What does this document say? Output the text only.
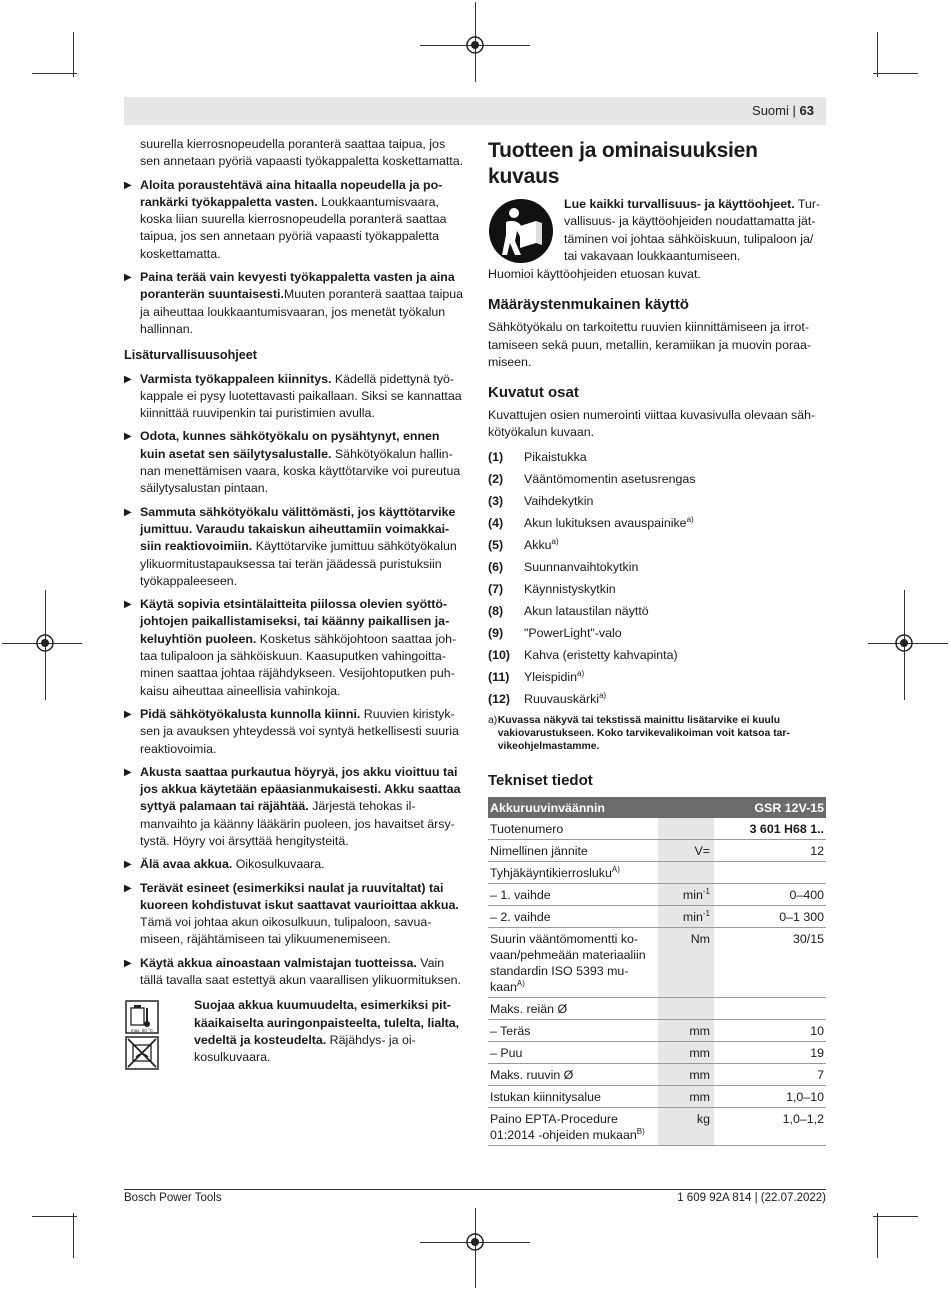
Suomi | 63

suurella kierrosnopeudella poranterä saattaa taipua, jos sen annetaan pyöriä vapaasti työkappaletta koskettamatta.

▶ Aloita poraustehtävä aina hitaalla nopeudella ja porankärki työkappaletta vasten. Loukkaantumisvaara, koska liian suurella kierrosnopeudella poranterä saattaa taipua, jos sen annetaan pyöriä vapaasti työkappaletta koskettamatta.

▶ Paina terää vain kevyesti työkappaletta vasten ja aina poranterän suuntaisesti.Muuten poranterä saattaa taipua ja aiheuttaa loukkaantumisvaaran, jos menetät työkalun hallinnan.

Lisäturvallisuusohjeet

▶ Varmista työkappaleen kiinnitys. Kädellä pidettynä työkappale ei pysy luotettavasti paikallaan. Siksi se kannattaa kiinnittää ruuvipenkin tai puristimien avulla.

▶ Odota, kunnes sähkötyökalu on pysähtynyt, ennen kuin asetat sen säilytysalustalle. Sähkötyökalun hallinnan menettämisen vaara, koska käyttötarvike voi pureutua säilytysalustan pintaan.

▶ Sammuta sähkötyökalu välittömästi, jos käyttötarvike jumittuu. Varaudu takaiskun aiheuttamiin voimakkaisiin reaktiovoimiin. Käyttötarvike jumittuu sähkötyökalun ylikuormitustapauksessa tai terän jäädessä puristuksiin työkappaleeseen.

▶ Käytä sopivia etsintälaitteita piilossa olevien syöttöjohtojen paikallistamiseksi, tai käänny paikallisen jakeluyhtiön puoleen. Kosketus sähköjohtoon saattaa johtaa tulipaloon ja sähköiskuun. Kaasuputken vahingoittaminen saattaa johtaa räjähdykseen. Vesijohtoputken puhkaisu aiheuttaa aineellisia vahinkoja.

▶ Pidä sähkötyökalusta kunnolla kiinni. Ruuvien kiristyksen ja avauksen yhteydessä voi syntyä hetkellisesti suuria reaktiovoimia.

▶ Akusta saattaa purkautua höyryä, jos akku vioittuu tai jos akkua käytetään epäasianmukaisesti. Akku saattaa syttyä palamaan tai räjähtää. Järjestä tehokas ilmanvaihto ja käänny lääkärin puoleen, jos havaitset ärsytystä. Höyry voi ärsyttää hengitysteitä.

▶ Älä avaa akkua. Oikosulkuvaara.

▶ Terävät esineet (esimerkiksi naulat ja ruuvitaltat) tai kuoreen kohdistuvat iskut saattavat vaurioittaa akkua. Tämä voi johtaa akun oikosulkuun, tulipaloon, savuamiseen, räjähtämiseen tai ylikuumenemiseen.

▶ Käytä akkua ainoastaan valmistajan tuotteissa. Vain tällä tavalla saat estettyä akun vaarallisen ylikuormituksen.

max. 50 °C

Suojaa akkua kuumuudelta, esimerkiksi pitkäaikaiselta auringonpaisteelta, tulelta, lialta, vedeltä ja kosteudelta. Räjähdys- ja oikosulkuvaara.

Tuotteen ja ominaisuuksien kuvaus

Lue kaikki turvallisuus- ja käyttöohjeet. Turvallisuus- ja käyttöohjeiden noudattamatta jättäminen voi johtaa sähköiskuun, tulipaloon ja/ tai vakavaan loukkaantumiseen.

Huomioi käyttöohjeiden etuosan kuvat.

Määräystenmukainen käyttö

Sähkötyökalu on tarkoitettu ruuvien kiinnittämiseen ja irrottamiseen sekä puun, metallin, keramiikan ja muovin poraamiseen.

Kuvatut osat

Kuvattujen osien numerointi viittaa kuvasivulla olevaan sähkötyökalun kuvaan.

(1)	Pikaistukka
(2)	Vääntömomentin asetusrengas
(3)	Vaihdekytkin
(4)	Akun lukituksen avauspainike$^{a)}$
(5)	Akku$^{a)}$
(6)	Suunnanvaihtokytkin
(7)	Käynnistyskytkin
(8)	Akun lataustilan näyttö
(9)	"PowerLight"-valo
(10)	Kahva (eristetty kahvapinta)
(11)	Yleispidin$^{a)}$
(12)	Ruuvauskärki$^{a)}$
a) Kuvassa näkyvä tai tekstissä mainittu lisätarvike ei kuulu vakiovarustukseen. Koko tarvikevalikoiman voit katsoa tarvikeohjelmastamme.
Tekniset tiedot
Akkuruuvinväännin		GSR 12V-15
Tuotenumero		3 601 H68 1..
Nimellinen jännite	V=	12
Tyhjäkäyntikierrosluku$^{A)}$		
– 1. vaihde	$\min^{-1}$	0–400
– 2. vaihde	$\min^{-1}$	0–1 300
Suurin vääntömomentti kovaan/pehmeään materiaaliin standardin ISO 5393 mukaan$^{A)}$	Nm	30/15
Maks. reiän Ø		
– Teräs	mm	10
– Puu	mm	19
Maks. ruuvin Ø	mm	7
Istukan kiinnitysalue	mm	1,0–10
Paino EPTA-Procedure 01:2014 -ohjeiden mukaan$^{B)}$	kg	1,0–1,2
Bosch Power Tools	1 609 92A 814 | (22.07.2022)
